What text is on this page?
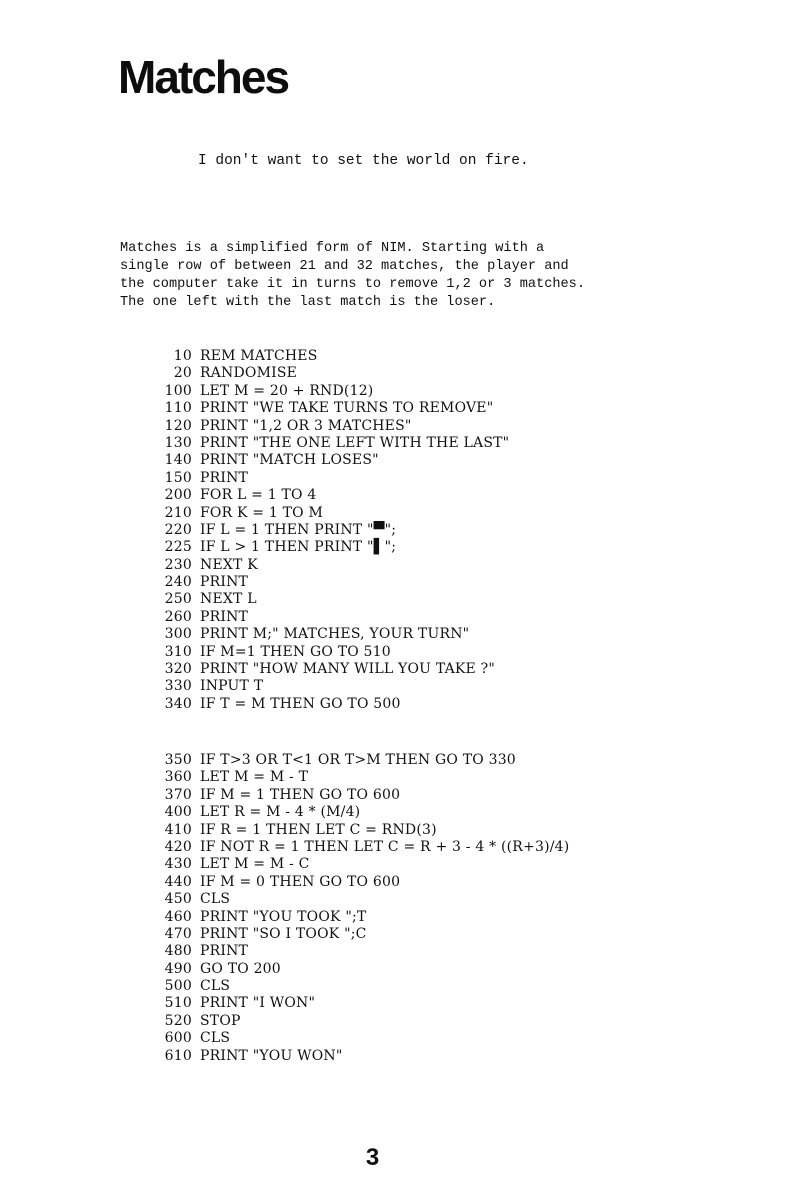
Matches

I don't want to set the world on fire.

Matches is a simplified form of NIM. Starting with a
single row of between 21 and 32 matches, the player and
the computer take it in turns to remove 1,2 or 3 matches.
The one left with the last match is the loser.
10 REM MATCHES
20 RANDOMISE
100 LET M = 20 + RND(12)
110 PRINT "WE TAKE TURNS TO REMOVE"
120 PRINT "1,2 OR 3 MATCHES"
130 PRINT "THE ONE LEFT WITH THE LAST"
140 PRINT "MATCH LOSES"
150 PRINT
200 FOR L = 1 TO 4
210 FOR K = 1 TO M
220 IF L = 1 THEN PRINT "▀";
225 IF L > 1 THEN PRINT "▌";
230 NEXT K
240 PRINT
250 NEXT L
260 PRINT
300 PRINT M;" MATCHES, YOUR TURN"
310 IF M=1 THEN GO TO 510
320 PRINT "HOW MANY WILL YOU TAKE ?"
330 INPUT T
340 IF T = M THEN GO TO 500
350 IF T>3 OR T<1 OR T>M THEN GO TO 330
360 LET M = M - T
370 IF M = 1 THEN GO TO 600
400 LET R = M - 4 * (M/4)
410 IF R = 1 THEN LET C = RND(3)
420 IF NOT R = 1 THEN LET C = R + 3 - 4 * ((R+3)/4)
430 LET M = M - C
440 IF M = 0 THEN GO TO 600
450 CLS
460 PRINT "YOU TOOK ";T
470 PRINT "SO I TOOK ";C
480 PRINT
490 GO TO 200
500 CLS
510 PRINT "I WON"
520 STOP
600 CLS
610 PRINT "YOU WON"
3
